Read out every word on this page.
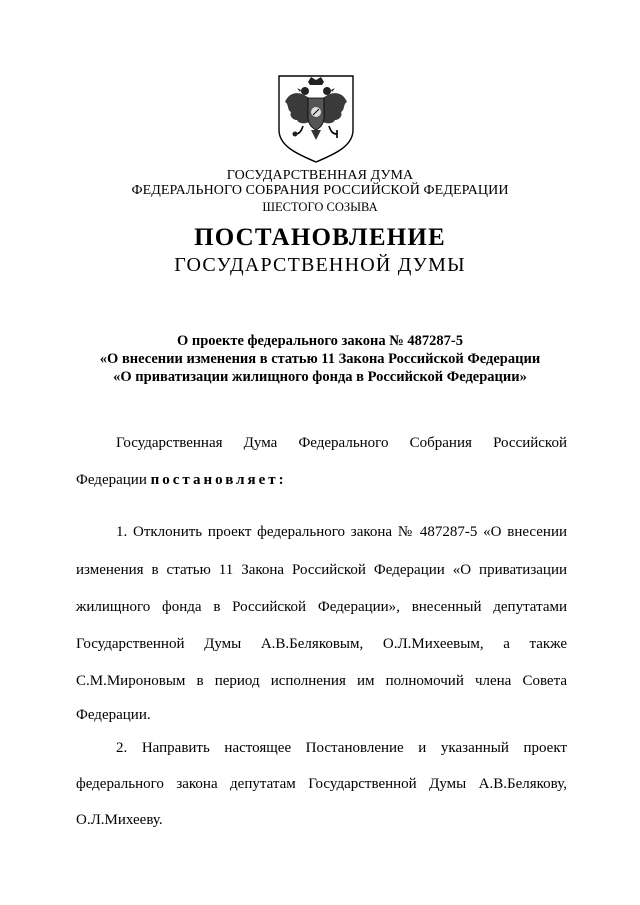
ГОСУДАРСТВЕННАЯ ДУМА
ФЕДЕРАЛЬНОГО СОБРАНИЯ РОССИЙСКОЙ ФЕДЕРАЦИИ
ШЕСТОГО СОЗЫВА
ПОСТАНОВЛЕНИЕ
ГОСУДАРСТВЕННОЙ ДУМЫ
О проекте федерального закона № 487287-5
«О внесении изменения в статью 11 Закона Российской Федерации
«О приватизации жилищного фонда в Российской Федерации»
Государственная Дума Федерального Собрания Российской
Федерации постановляет:
1. Отклонить проект федерального закона № 487287-5 «О внесении
изменения в статью 11 Закона Российской Федерации «О приватизации
жилищного фонда в Российской Федерации», внесенный депутатами
Государственной Думы А.В.Беляковым, О.Л.Михеевым, а также
С.М.Мироновым в период исполнения им полномочий члена Совета
Федерации.
2. Направить настоящее Постановление и указанный проект
федерального закона депутатам Государственной Думы А.В.Белякову,
О.Л.Михееву.
